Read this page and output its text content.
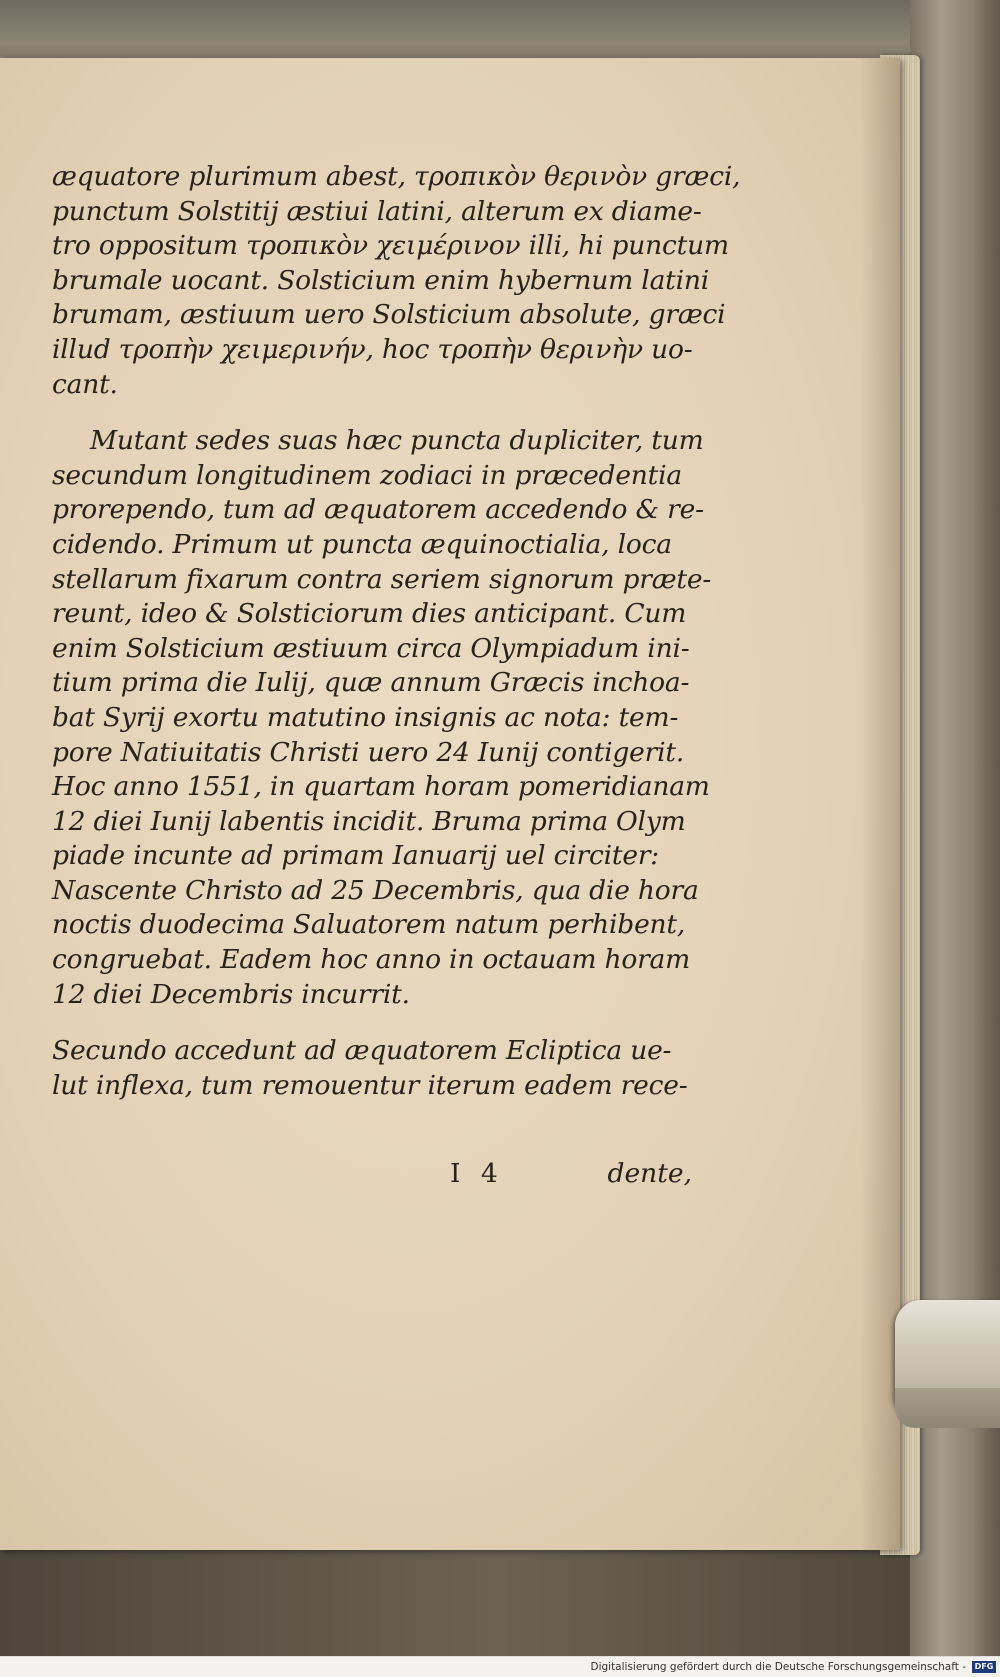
æquatore plurimum abest, τροπικὸν θερινὸν græci,
punctum Solstitij æstiui latini, alterum ex diame-
tro oppositum τροπικὸν χειμέρινον illi, hi punctum
brumale uocant. Solsticium enim hybernum latini
brumam, æstiuum uero Solsticium absolute, græci
illud τροπὴν χειμερινήν, hoc τροπὴν θερινὴν uo-
cant.
Mutant sedes suas hæc puncta dupliciter, tum
secundum longitudinem zodiaci in præcedentia
prorependo, tum ad æquatorem accedendo & re-
cidendo. Primum ut puncta æquinoctialia, loca
stellarum fixarum contra seriem signorum præte-
reunt, ideo & Solsticiorum dies anticipant. Cum
enim Solsticium æstiuum circa Olympiadum ini-
tium prima die Iulij, quæ annum Græcis inchoa-
bat Syrij exortu matutino insignis ac nota: tem-
pore Natiuitatis Christi uero 24 Iunij contigerit.
Hoc anno 1551, in quartam horam pomeridianam
12 diei Iunij labentis incidit. Bruma prima Olym
piade incunte ad primam Ianuarij uel circiter:
Nascente Christo ad 25 Decembris, qua die hora
noctis duodecima Saluatorem natum perhibent,
congruebat. Eadem hoc anno in octauam horam
12 diei Decembris incurrit.
Secundo accedunt ad æquatorem Ecliptica ue-
lut inflexa, tum remouentur iterum eadem rece-
I 4	dente,
Digitalisierung gefördert durch die Deutsche Forschungsgemeinschaft -	DFG
